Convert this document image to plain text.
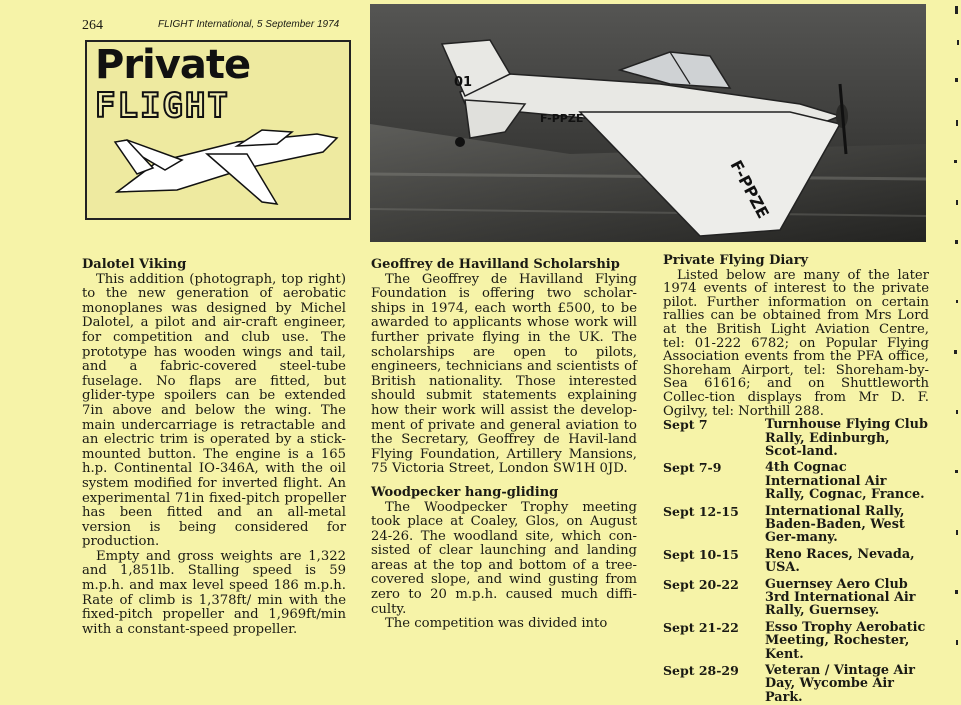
264	FLIGHT International, 5 September 1974
Private
FLIGHT
01
F-PPZE
F-PPZE
Dalotel Viking

This addition (photograph, top right) to the new generation of aerobatic monoplanes was designed by Michel Dalotel, a pilot and air-craft engineer, for competition and club use. The prototype has wooden wings and tail, and a fabric-covered steel-tube fuselage. No flaps are fitted, but glider-type spoilers can be extended 7in above and below the wing. The main undercarriage is retractable and an electric trim is operated by a stick-mounted button. The engine is a 165 h.p. Continental IO-346A, with the oil system modified for inverted flight. An experimental 71in fixed-pitch propeller has been fitted and an all-metal version is being considered for production.

Empty and gross weights are 1,322 and 1,851lb. Stalling speed is 59 m.p.h. and max level speed 186 m.p.h. Rate of climb is 1,378ft/ min with the fixed-pitch propeller and 1,969ft/min with a constant-speed propeller.

Geoffrey de Havilland Scholarship

The Geoffrey de Havilland Flying Foundation is offering two scholar-ships in 1974, each worth £500, to be awarded to applicants whose work will further private flying in the UK. The scholarships are open to pilots, engineers, technicians and scientists of British nationality. Those interested should submit statements explaining how their work will assist the develop-ment of private and general aviation to the Secretary, Geoffrey de Havil-land Flying Foundation, Artillery Mansions, 75 Victoria Street, London SW1H 0JD.

Woodpecker hang-gliding

The Woodpecker Trophy meeting took place at Coaley, Glos, on August 24-26. The woodland site, which con-sisted of clear launching and landing areas at the top and bottom of a tree-covered slope, and wind gusting from zero to 20 m.p.h. caused much diffi-culty.

The competition was divided into

Private Flying Diary

Listed below are many of the later 1974 events of interest to the private pilot. Further information on certain rallies can be obtained from Mrs Lord at the British Light Aviation Centre, tel: 01-222 6782; on Popular Flying Association events from the PFA office, Shoreham Airport, tel: Shoreham-by-Sea 61616; and on Shuttleworth Collec-tion displays from Mr D. F. Ogilvy, tel: Northill 288.

Sept 7	Turnhouse Flying Club Rally, Edinburgh, Scot-land.
Sept 7-9	4th Cognac International Air Rally, Cognac, France.
Sept 12-15	International Rally, Baden-Baden, West Ger-many.
Sept 10-15	Reno Races, Nevada, USA.
Sept 20-22	Guernsey Aero Club 3rd International Air Rally, Guernsey.
Sept 21-22	Esso Trophy Aerobatic Meeting, Rochester, Kent.
Sept 28-29	Veteran / Vintage Air Day, Wycombe Air Park.
